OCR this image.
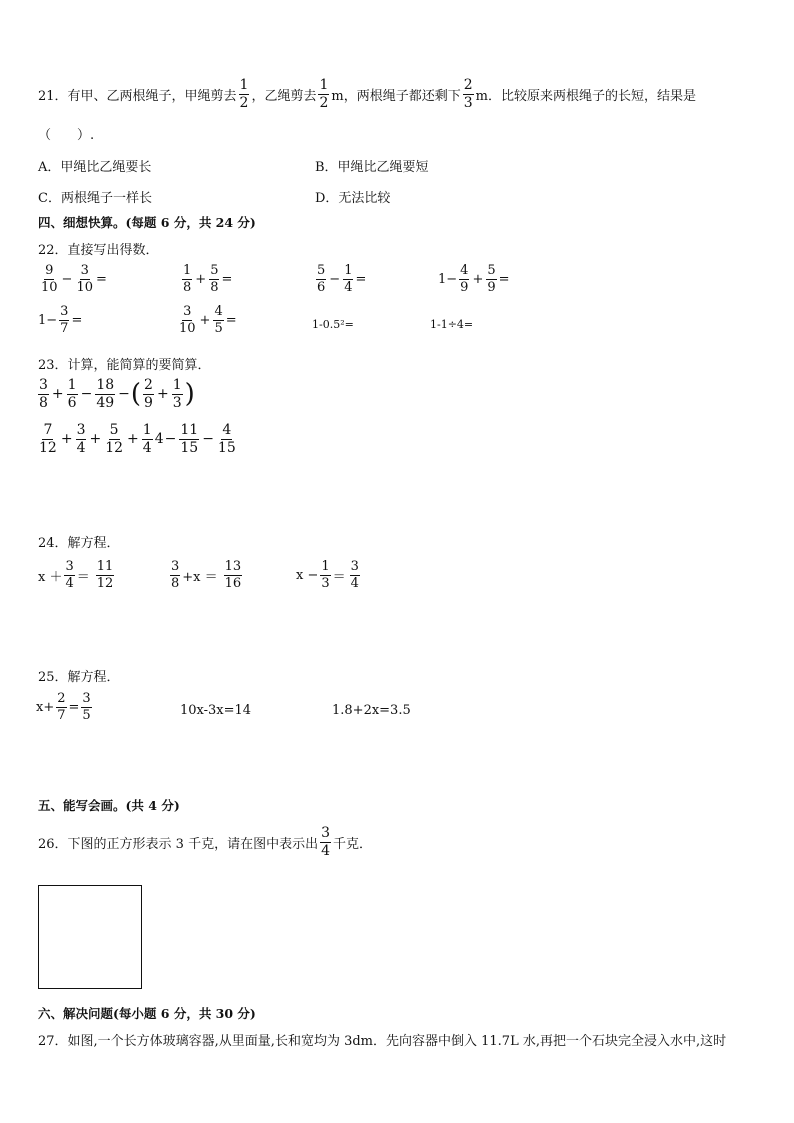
21．有甲、乙两根绳子，甲绳剪去 $\frac{1}{2}$ ，乙绳剪去 $\frac{1}{2}$ m，两根绳子都还剩下 $\frac{2}{3}$ m．比较原来两根绳子的长短，结果是
（　　）.
A．甲绳比乙绳要长	B．甲绳比乙绳要短
C．两根绳子一样长	D．无法比较
四、细想快算。(每题 6 分，共 24 分)
22．直接写出得数．
$\frac{9}{10} - \frac{3}{10}$ =	$\frac{1}{8} + \frac{5}{8}$ =	$\frac{5}{6} - \frac{1}{4}$ =	$1- \frac{4}{9} + \frac{5}{9}$ =
$1- \frac{3}{7}$ =	$\frac{3}{10} + \frac{4}{5}$ =	1-0.5²=	1-1÷4=
23．计算，能简算的要简算．
$\frac{3}{8} + \frac{1}{6} - \frac{18}{49}$ − ( $\frac{2}{9} + \frac{1}{3}$ )
$\frac{7}{12} + \frac{3}{4} + \frac{5}{12} + \frac{1}{4} 4 - \frac{11}{15} - \frac{4}{15}$
24．解方程．
$x + \frac{3}{4} = \frac{11}{12}$	$\frac{3}{8} +x = \frac{13}{16}$	$x - \frac{1}{3} = \frac{3}{4}$
25．解方程．
$x+ \frac{2}{7} = \frac{3}{5}$	10x-3x=14	1.8+2x=3.5
五、能写会画。(共 4 分)
26．下图的正方形表示 3 千克，请在图中表示出 $\frac{3}{4}$ 千克．
六、解决问题(每小题 6 分，共 30 分)
27．如图,一个长方体玻璃容器,从里面量,长和宽均为 3dm．先向容器中倒入 11.7L 水,再把一个石块完全浸入水中,这时
